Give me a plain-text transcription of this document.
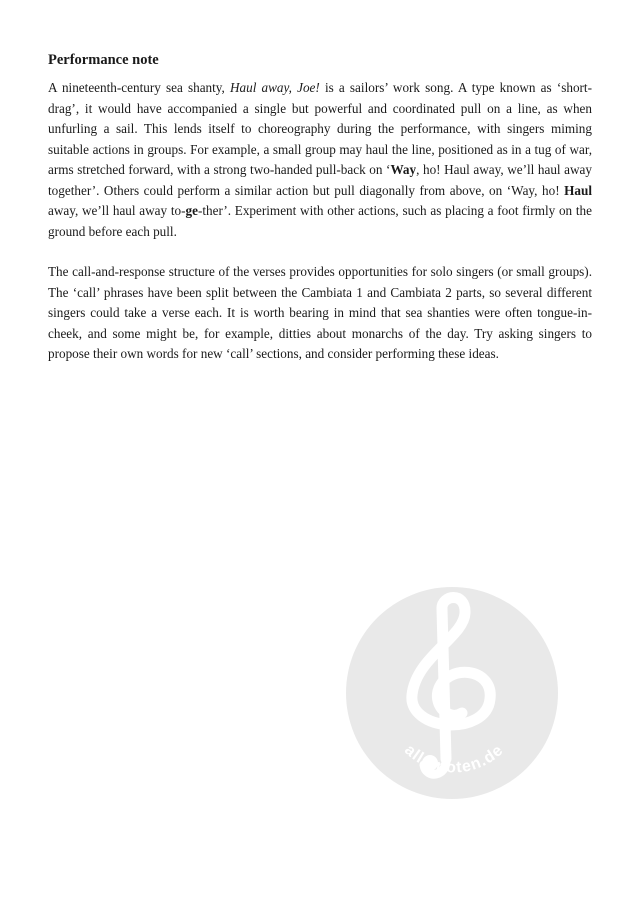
Performance note

A nineteenth-century sea shanty, Haul away, Joe! is a sailors’ work song. A type known as ‘short-drag’, it would have accompanied a single but powerful and coordinated pull on a line, as when unfurling a sail. This lends itself to choreography during the performance, with singers miming suitable actions in groups. For example, a small group may haul the line, positioned as in a tug of war, arms stretched forward, with a strong two-handed pull-back on ‘Way, ho! Haul away, we’ll haul away together’. Others could perform a similar action but pull diagonally from above, on ‘Way, ho! Haul away, we’ll haul away to-ge-ther’. Experiment with other actions, such as placing a foot firmly on the ground before each pull.

The call-and-response structure of the verses provides opportunities for solo singers (or small groups). The ‘call’ phrases have been split between the Cambiata 1 and Cambiata 2 parts, so several different singers could take a verse each. It is worth bearing in mind that sea shanties were often tongue-in-cheek, and some might be, for example, ditties about monarchs of the day. Try asking singers to propose their own words for new ‘call’ sections, and consider performing these ideas.

alle-noten.de
